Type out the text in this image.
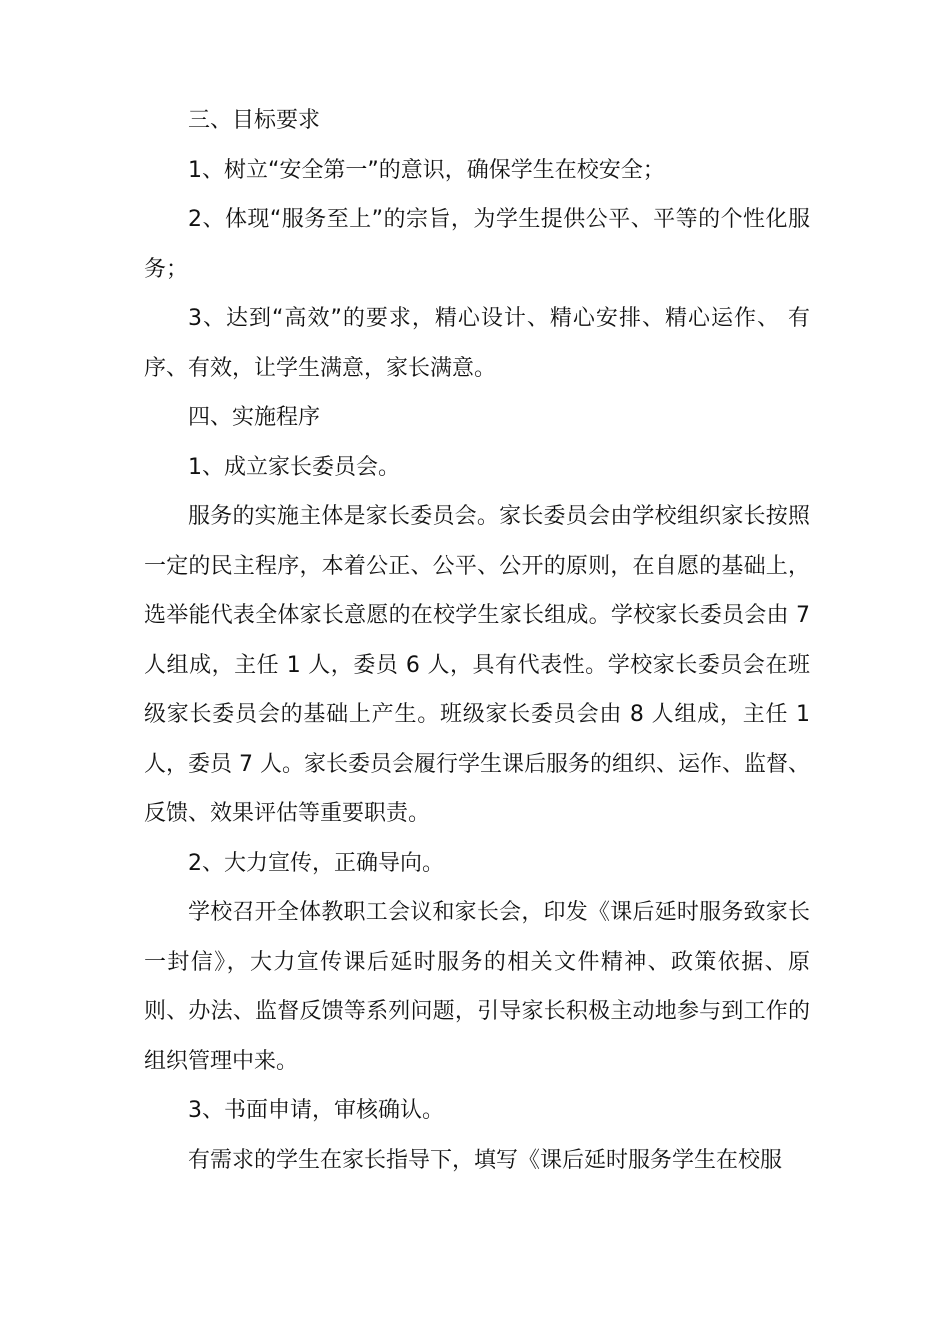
三、目标要求

1、树立“安全第一”的意识，确保学生在校安全；

2、体现“服务至上”的宗旨，为学生提供公平、平等的个性化服务；

3、达到“高效”的要求，精心设计、精心安排、精心运作、 有序、有效，让学生满意，家长满意。

四、实施程序

1、成立家长委员会。

服务的实施主体是家长委员会。家长委员会由学校组织家长按照一定的民主程序，本着公正、公平、公开的原则，在自愿的基础上，选举能代表全体家长意愿的在校学生家长组成。学校家长委员会由 7 人组成，主任 1 人，委员 6 人，具有代表性。学校家长委员会在班级家长委员会的基础上产生。班级家长委员会由 8 人组成，主任 1 人，委员 7 人。家长委员会履行学生课后服务的组织、运作、监督、反馈、效果评估等重要职责。

2、大力宣传，正确导向。

学校召开全体教职工会议和家长会，印发《课后延时服务致家长一封信》，大力宣传课后延时服务的相关文件精神、政策依据、原则、办法、监督反馈等系列问题，引导家长积极主动地参与到工作的组织管理中来。

3、书面申请，审核确认。

有需求的学生在家长指导下，填写《课后延时服务学生在校服
